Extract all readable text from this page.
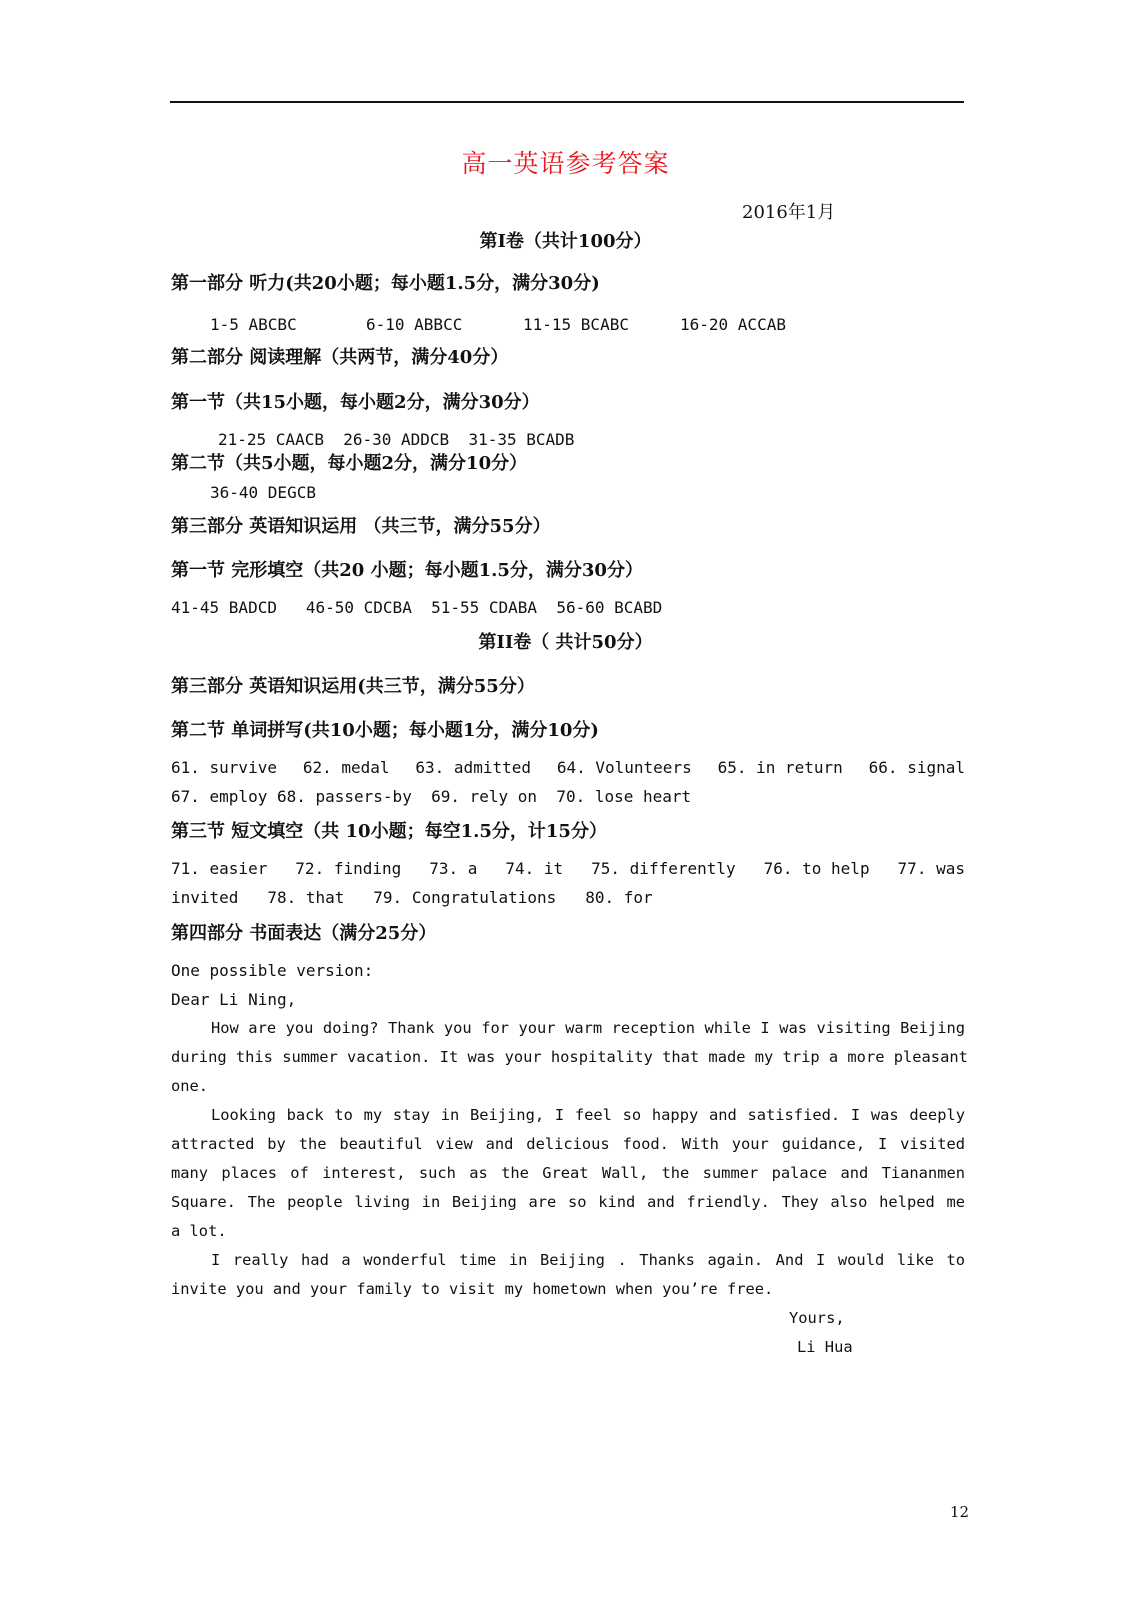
高一英语参考答案
2016年1月
第I卷（共计100分）
第一部分 听力(共20小题；每小题1.5分，满分30分)
1-5 ABCBC	6-10 ABBCC	11-15 BCABC	16-20 ACCAB
第二部分 阅读理解（共两节，满分40分）
第一节（共15小题，每小题2分，满分30分）
21-25 CAACB  26-30 ADDCB  31-35 BCADB
第二节（共5小题，每小题2分，满分10分）
36-40 DEGCB
第三部分 英语知识运用 （共三节，满分55分）
第一节 完形填空（共20 小题；每小题1.5分，满分30分）
41-45 BADCD   46-50 CDCBA  51-55 CDABA  56-60 BCABD
第II卷（ 共计50分）
第三部分 英语知识运用(共三节，满分55分）
第二节 单词拼写(共10小题；每小题1分，满分10分)
61. survive 62. medal 63. admitted 64. Volunteers 65. in return 66. signal
67. employ 68. passers-by  69. rely on  70. lose heart
第三节 短文填空（共 10小题；每空1.5分，计15分）
71. easier 72. finding 73. a 74. it 75. differently 76. to help 77. was
invited   78. that   79. Congratulations   80. for
第四部分 书面表达（满分25分）
One possible version:
Dear Li Ning,
How are you doing? Thank you for your warm reception while I was visiting Beijing
during this summer vacation. It was your hospitality that made my trip a more pleasant
one.
Looking back to my stay in Beijing, I feel so happy and satisfied. I was deeply
attracted by the beautiful view and delicious food. With your guidance, I visited
many places of interest, such as the Great Wall, the summer palace and Tiananmen
Square. The people living in Beijing are so kind and friendly. They also helped me
a lot.
I really had a wonderful time in Beijing . Thanks again. And I would like to
invite you and your family to visit my hometown when you’re free.
Yours,
Li Hua
12
